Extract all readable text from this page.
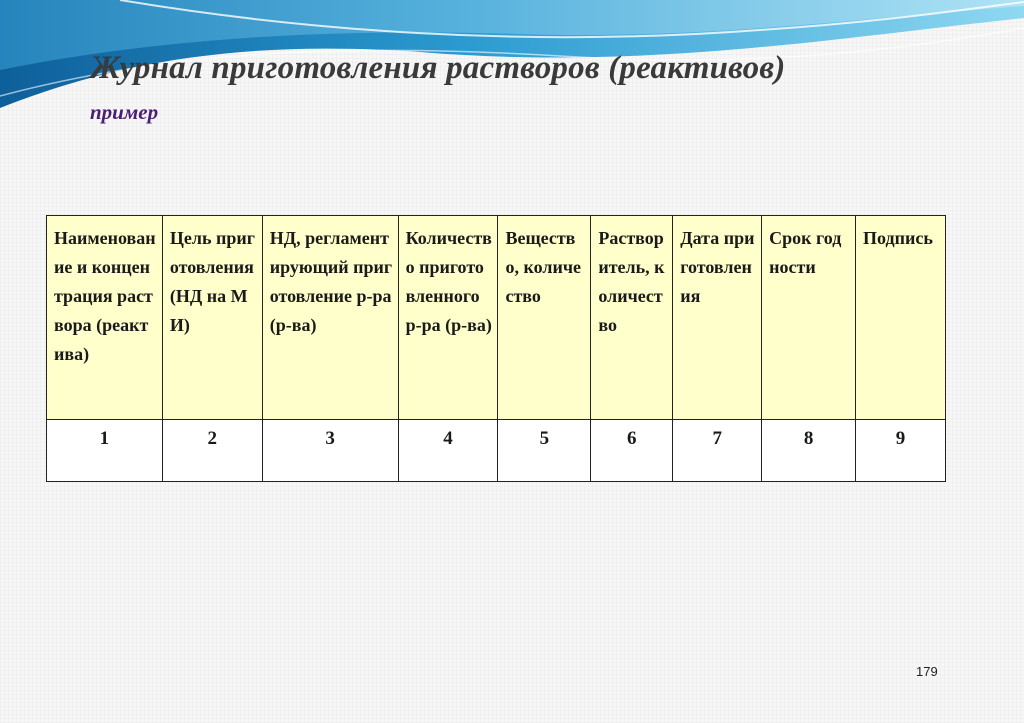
Журнал приготовления растворов (реактивов)
пример
Наименование и концентрация раствора (реактива)	Цель приготовления (НД на МИ)	НД, регламентирующий приготовление р-ра (р-ва)	Количество приготовленного р-ра (р-ва)	Вещество, количество	Растворитель, количество	Дата приготовления	Срок годности	Подпись
1	2	3	4	5	6	7	8	9
179
